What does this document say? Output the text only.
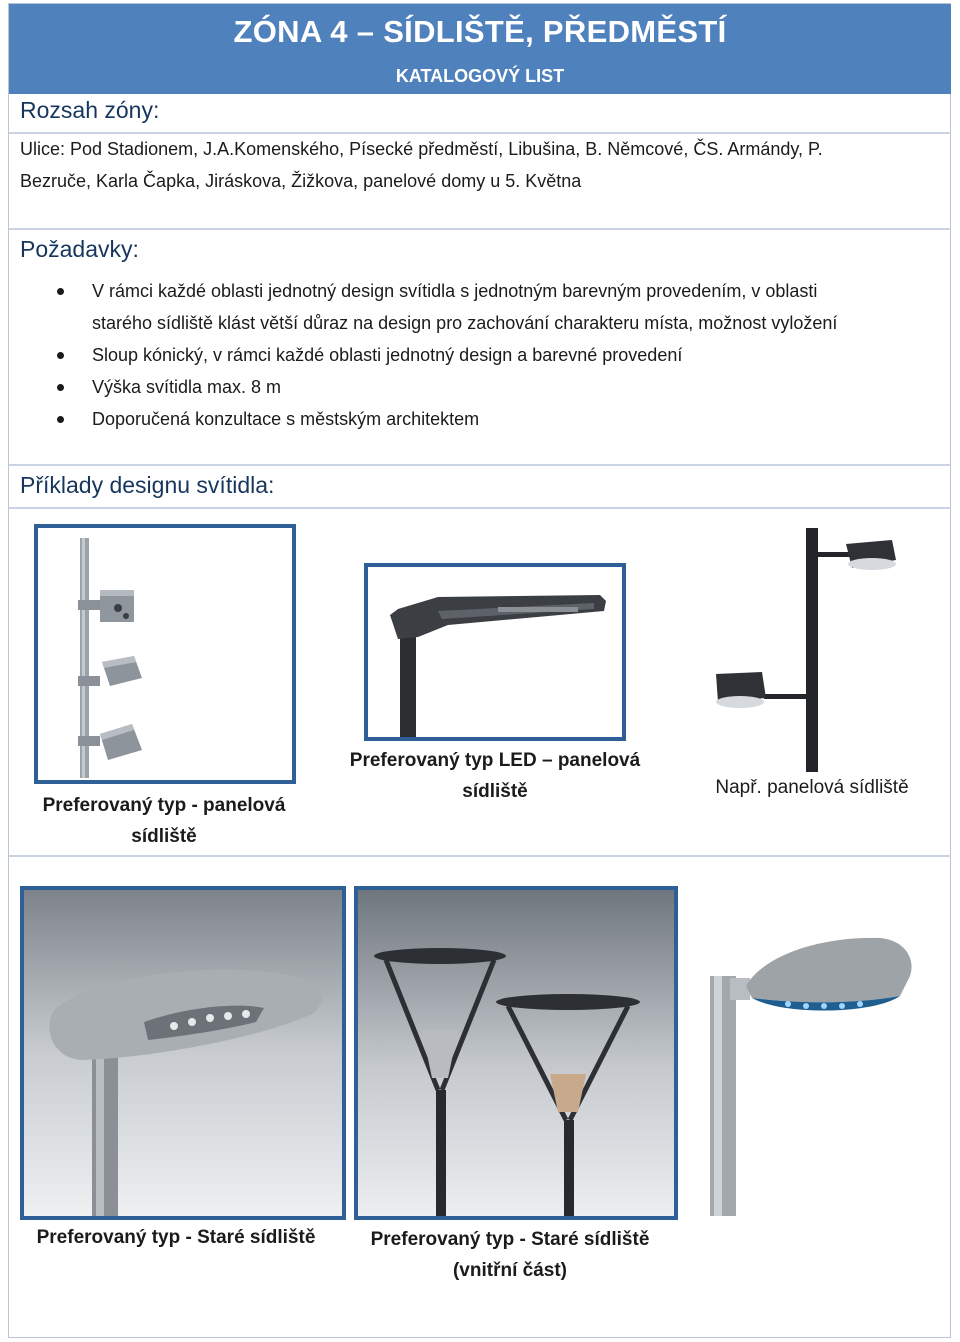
ZÓNA 4 – SÍDLIŠTĚ, PŘEDMĚSTÍ
KATALOGOVÝ LIST
Rozsah zóny:
Ulice: Pod Stadionem, J.A.Komenského, Písecké předměstí, Libušina, B. Němcové, ČS. Armándy, P.
Bezruče, Karla Čapka, Jiráskova, Žižkova, panelové domy u 5. Května
Požadavky:
V rámci každé oblasti jednotný design svítidla s jednotným barevným provedením, v oblasti
starého sídliště klást větší důraz na design pro zachování charakteru místa, možnost vyložení
Sloup kónický, v rámci každé oblasti jednotný design a barevné provedení
Výška svítidla max. 8 m
Doporučená konzultace s městským architektem
Příklady designu svítidla:
Preferovaný typ - panelová
sídliště
Preferovaný typ LED – panelová
sídliště	Např. panelová sídliště
Preferovaný typ - Staré sídliště	Preferovaný typ - Staré sídliště
(vnitřní část)
